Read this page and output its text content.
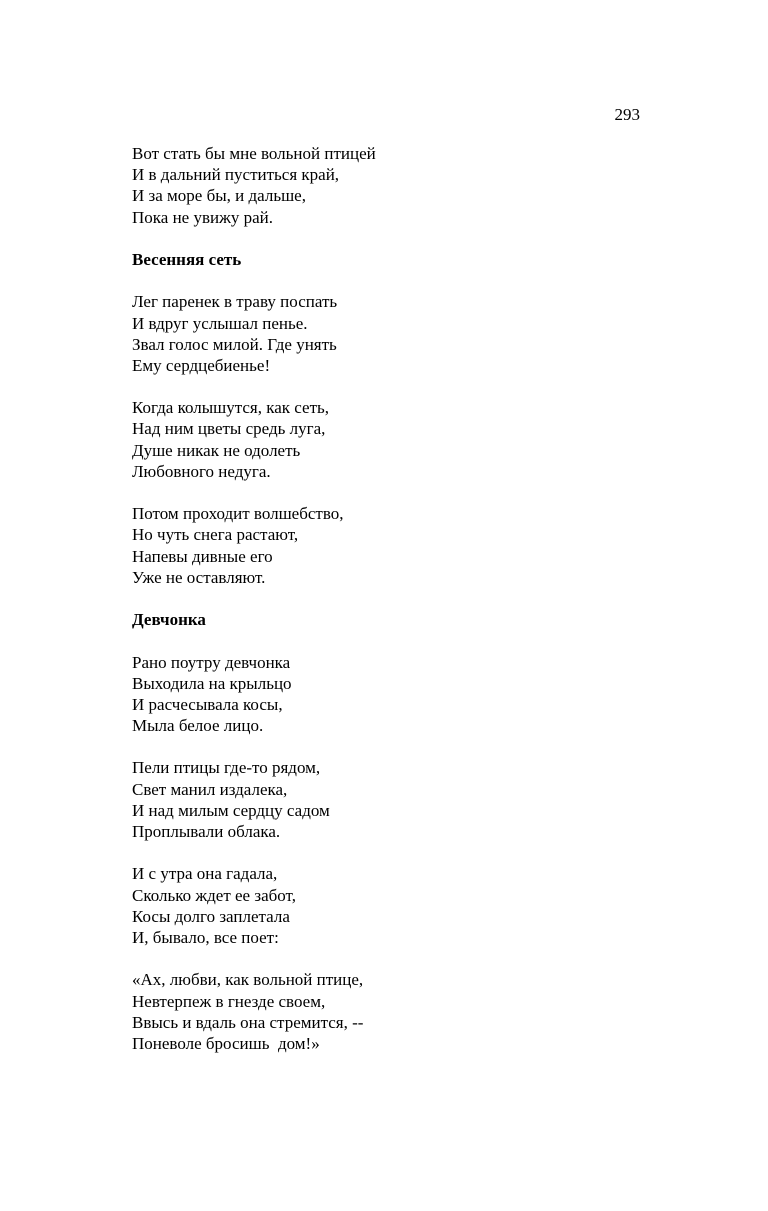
293

Вот стать бы мне вольной птицей

И в дальний пуститься край,

И за море бы, и дальше,

Пока не увижу рай.

Весенняя сеть

Лег паренек в траву поспать

И вдруг услышал пенье.

Звал голос милой. Где унять

Ему сердцебиенье!

Когда колышутся, как сеть,

Над ним цветы средь луга,

Душе никак не одолеть

Любовного недуга.

Потом проходит волшебство,

Но чуть снега растают,

Напевы дивные его

Уже не оставляют.

Девчонка

Рано поутру девчонка

Выходила на крыльцо

И расчесывала косы,

Мыла белое лицо.

Пели птицы где-то рядом,

Свет манил издалека,

И над милым сердцу садом

Проплывали облака.

И с утра она гадала,

Сколько ждет ее забот,

Косы долго заплетала

И, бывало, все поет:

«Ах, любви, как вольной птице,

Невтерпеж в гнезде своем,

Ввысь и вдаль она стремится, --

Поневоле бросишь  дом!»
